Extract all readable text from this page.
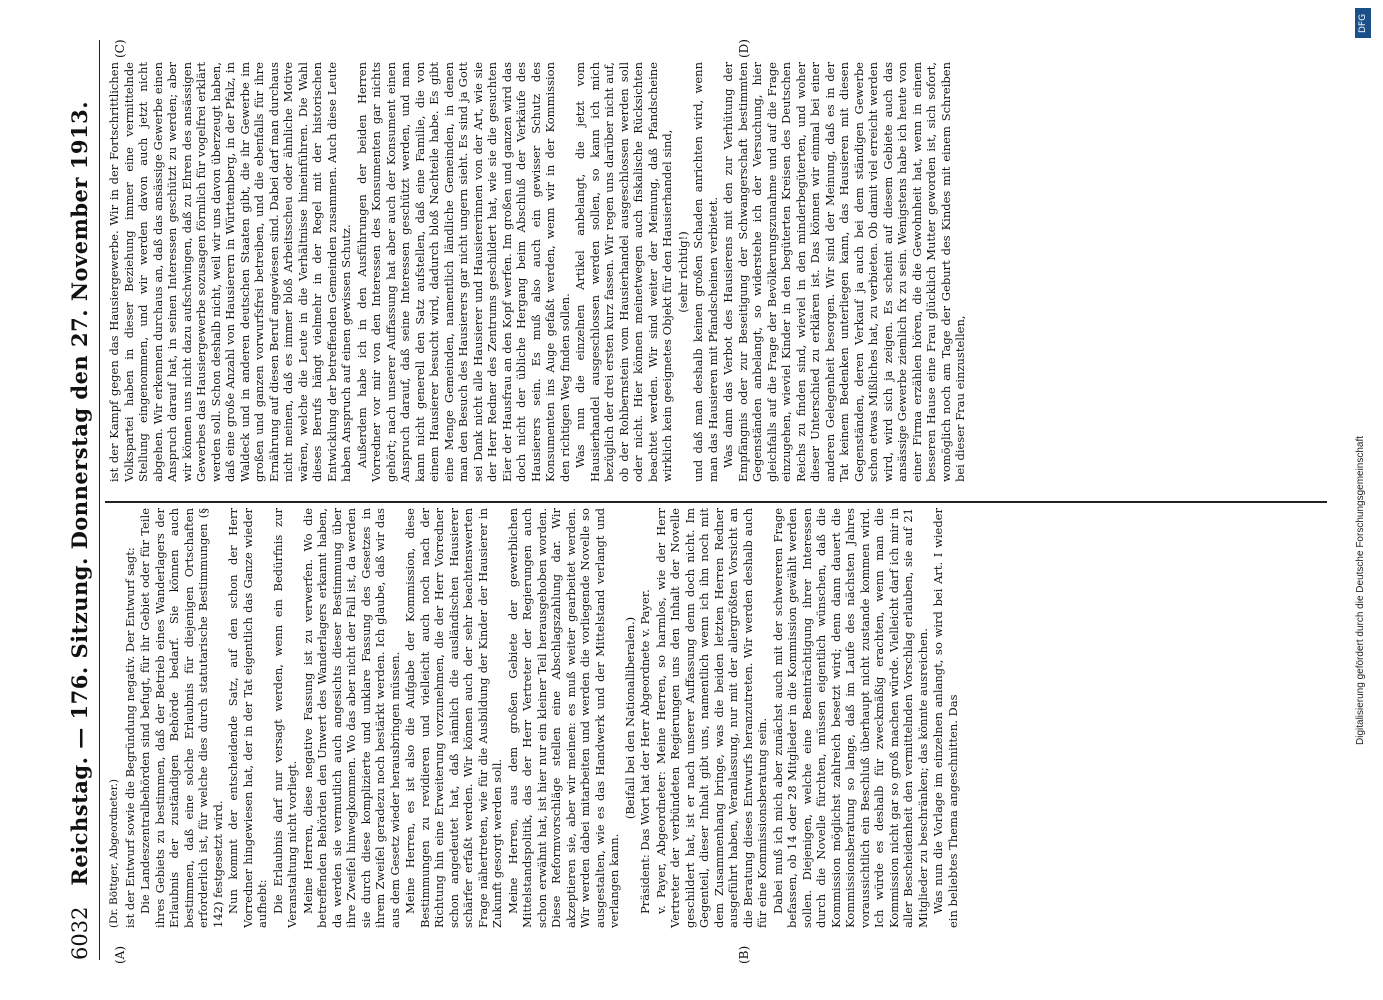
6032
Reichstag. — 176. Sitzung. Donnerstag den 27. November 1913.
(A)	(B)
(C)	(D)

(Dr. Böttger, Abgeordneter.) ist der Entwurf sowie die Begründung negativ. Der Entwurf sagt: Die Landeszentralbehörden sind befugt, für ihr Gebiet oder für Teile ihres Gebiets zu bestimmen, daß der Betrieb eines Wanderlagers der Erlaubnis der zuständigen Behörde bedarf. Sie können auch bestimmen, daß eine solche Erlaubnis für diejenigen Ortschaften erforderlich ist, für welche dies durch statutarische Bestimmungen (§ 142) festgesetzt wird. Nun kommt der entscheidende Satz, auf den schon der Herr Vorredner hingewiesen hat, der in der Tat eigentlich das Ganze wieder aufhebt: Die Erlaubnis darf nur versagt werden, wenn ein Bedürfnis zur Veranstaltung nicht vorliegt. Meine Herren, diese negative Fassung ist zu verwerfen. Wo die betreffenden Behörden den Unwert des Wanderlagers erkannt haben, da werden sie vermutlich auch angesichts dieser Bestimmung über ihre Zweifel hinwegkommen. Wo das aber nicht der Fall ist, da werden sie durch diese komplizierte und unklare Fassung des Gesetzes in ihrem Zweifel geradezu noch bestärkt werden. Ich glaube, daß wir das aus dem Gesetz wieder herausbringen müssen. Meine Herren, es ist also die Aufgabe der Kommission, diese Bestimmungen zu revidieren und vielleicht auch noch nach der Richtung hin eine Erweiterung vorzunehmen, die der Herr Vorredner schon angedeutet hat, daß nämlich die ausländischen Hausierer schärfer erfaßt werden. Wir können auch der sehr beachtenswerten Frage nähertreten, wie für die Ausbildung der Kinder der Hausierer in Zukunft gesorgt werden soll. Meine Herren, aus dem großen Gebiete der gewerblichen Mittelstandspolitik, das der Herr Vertreter der Regierungen auch schon erwähnt hat, ist hier nur ein kleiner Teil herausgehoben worden. Diese Reformvorschläge stellen eine Abschlagszahlung dar. Wir akzeptieren sie, aber wir meinen: es muß weiter gearbeitet werden. Wir werden dabei mitarbeiten und werden die vorliegende Novelle so ausgestalten, wie es das Handwerk und der Mittelstand verlangt und verlangen kann.

(Beifall bei den Nationalliberalen.) Präsident: Das Wort hat der Herr Abgeordnete v. Payer. v. Payer, Abgeordneter: Meine Herren, so harmlos, wie der Herr Vertreter der verbündeten Regierungen uns den Inhalt der Novelle geschildert hat, ist er nach unserer Auffassung denn doch nicht. Im Gegenteil, dieser Inhalt gibt uns, namentlich wenn ich ihn noch mit dem Zusammenhang bringe, was die beiden letzten Herren Redner ausgeführt haben, Veranlassung, nur mit der allergrößten Vorsicht an die Beratung dieses Entwurfs heranzutreten. Wir werden deshalb auch für eine Kommissionsberatung sein. Dabei muß ich mich aber zunächst auch mit der schwereren Frage befassen, ob 14 oder 28 Mitglieder in die Kommission gewählt werden sollen. Diejenigen, welche eine Beeinträchtigung ihrer Interessen durch die Novelle fürchten, müssen eigentlich wünschen, daß die Kommission möglichst zahlreich besetzt wird; denn dann dauert die Kommissionsberatung so lange, daß im Laufe des nächsten Jahres voraussichtlich ein Beschluß überhaupt nicht zustande kommen wird. Ich würde es deshalb für zweckmäßig erachten, wenn man die Kommission nicht gar so groß machen würde. Vielleicht darf ich mir in aller Bescheidenheit den vermittelnden Vorschlag erlauben, sie auf 21 Mitglieder zu beschränken; das könnte ausreichen. Was nun die Vorlage im einzelnen anlangt, so wird bei Art. I wieder ein beliebtes Thema angeschnitten. Das

ist der Kampf gegen das Hausiergewerbe. Wir in der Fortschrittlichen Volkspartei haben in dieser Beziehung immer eine vermittelnde Stellung eingenommen, und wir werden davon auch jetzt nicht abgehen. Wir erkennen durchaus an, daß das ansässige Gewerbe einen Anspruch darauf hat, in seinen Interessen geschützt zu werden; aber wir können uns nicht dazu aufschwingen, daß zu Ehren des ansässigen Gewerbes das Hausiergewerbe sozusagen förmlich für vogelfrei erklärt werden soll. Schon deshalb nicht, weil wir uns davon überzeugt haben, daß eine große Anzahl von Hausierern in Württemberg, in der Pfalz, in Waldeck und in anderen deutschen Staaten gibt, die ihr Gewerbe im großen und ganzen vorwurfsfrei betreiben, und die ebenfalls für ihre Ernährung auf diesen Beruf angewiesen sind. Dabei darf man durchaus nicht meinen, daß es immer bloß Arbeitsscheu oder ähnliche Motive wären, welche die Leute in die Verhältnisse hineinführen. Die Wahl dieses Berufs hängt vielmehr in der Regel mit der historischen Entwicklung der betreffenden Gemeinden zusammen. Auch diese Leute haben Anspruch auf einen gewissen Schutz. Außerdem habe ich in den Ausführungen der beiden Herren Vorredner vor mir von den Interessen des Konsumenten gar nichts gehört; nach unserer Auffassung hat aber auch der Konsument einen Anspruch darauf, daß seine Interessen geschützt werden, und man kann nicht generell den Satz aufstellen, daß eine Familie, die von einem Hausierer besucht wird, dadurch bloß Nachteile habe. Es gibt eine Menge Gemeinden, namentlich ländliche Gemeinden, in denen man den Besuch des Hausierers gar nicht ungern sieht. Es sind ja Gott sei Dank nicht alle Hausierer und Hausiererinnen von der Art, wie sie der Herr Redner des Zentrums geschildert hat, wie sie die gesuchten Eier der Hausfrau an den Kopf werfen. Im großen und ganzen wird das doch nicht der übliche Hergang beim Abschluß der Verkäufe des Hausierers sein. Es muß also auch ein gewisser Schutz des Konsumenten ins Auge gefaßt werden, wenn wir in der Kommission den richtigen Weg finden sollen. Was nun die einzelnen Artikel anbelangt, die jetzt vom Hausierhandel ausgeschlossen werden sollen, so kann ich mich bezüglich der drei ersten kurz fassen. Wir regen uns darüber nicht auf, ob der Rohbernstein vom Hausierhandel ausgeschlossen werden soll oder nicht. Hier können meinetwegen auch fiskalische Rücksichten beachtet werden. Wir sind weiter der Meinung, daß Pfandscheine wirklich kein geeignetes Objekt für den Hausierhandel sind, (sehr richtig!) und daß man deshalb keinen großen Schaden anrichten wird, wenn man das Hausieren mit Pfandscheinen verbietet. Was dann das Verbot des Hausierens mit den zur Verhütung der Empfängnis oder zur Beseitigung der Schwangerschaft bestimmten Gegenständen anbelangt, so widerstehe ich der Versuchung, hier gleichfalls auf die Frage der Bevölkerungszunahme und auf die Frage einzugehen, wieviel Kinder in den begüterten Kreisen des Deutschen Reichs zu finden sind, wieviel in den minderbegüterten, und woher dieser Unterschied zu erklären ist. Das können wir einmal bei einer anderen Gelegenheit besorgen. Wir sind der Meinung, daß es in der Tat keinem Bedenken unterliegen kann, das Hausieren mit diesen Gegenständen, deren Verkauf ja auch bei dem ständigen Gewerbe schon etwas Mißliches hat, zu verbieten. Ob damit viel erreicht werden wird, wird sich ja zeigen. Es scheint auf diesem Gebiete auch das ansässige Gewerbe ziemlich fix zu sein. Wenigstens habe ich heute von einer Firma erzählen hören, die die Gewohnheit hat, wenn in einem besseren Hause eine Frau glücklich Mutter geworden ist, sich sofort, womöglich noch am Tage der Geburt des Kindes mit einem Schreiben bei dieser Frau einzustellen,

DFG
Digitalisierung gefördert durch die Deutsche Forschungsgemeinschaft
